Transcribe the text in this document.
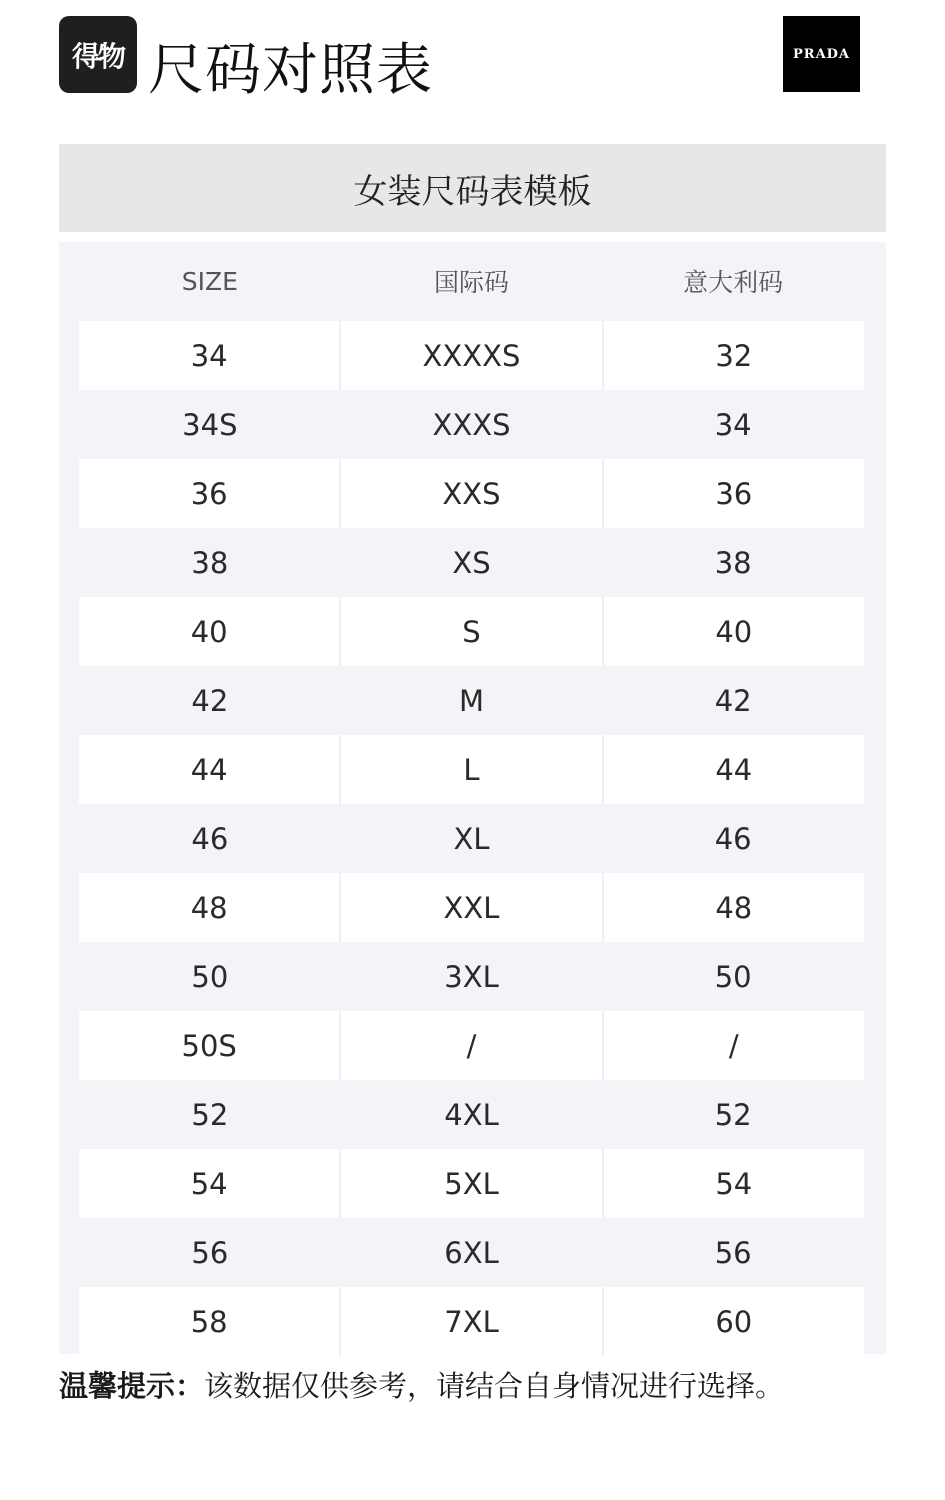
得物 尺码对照表	PRADA
女装尺码表模板
SIZE	国际码	意大利码
34	XXXXS	32
34S	XXXS	34
36	XXS	36
38	XS	38
40	S	40
42	M	42
44	L	44
46	XL	46
48	XXL	48
50	3XL	50
50S	/	/
52	4XL	52
54	5XL	54
56	6XL	56
58	7XL	60
温馨提示：该数据仅供参考，请结合自身情况进行选择。
